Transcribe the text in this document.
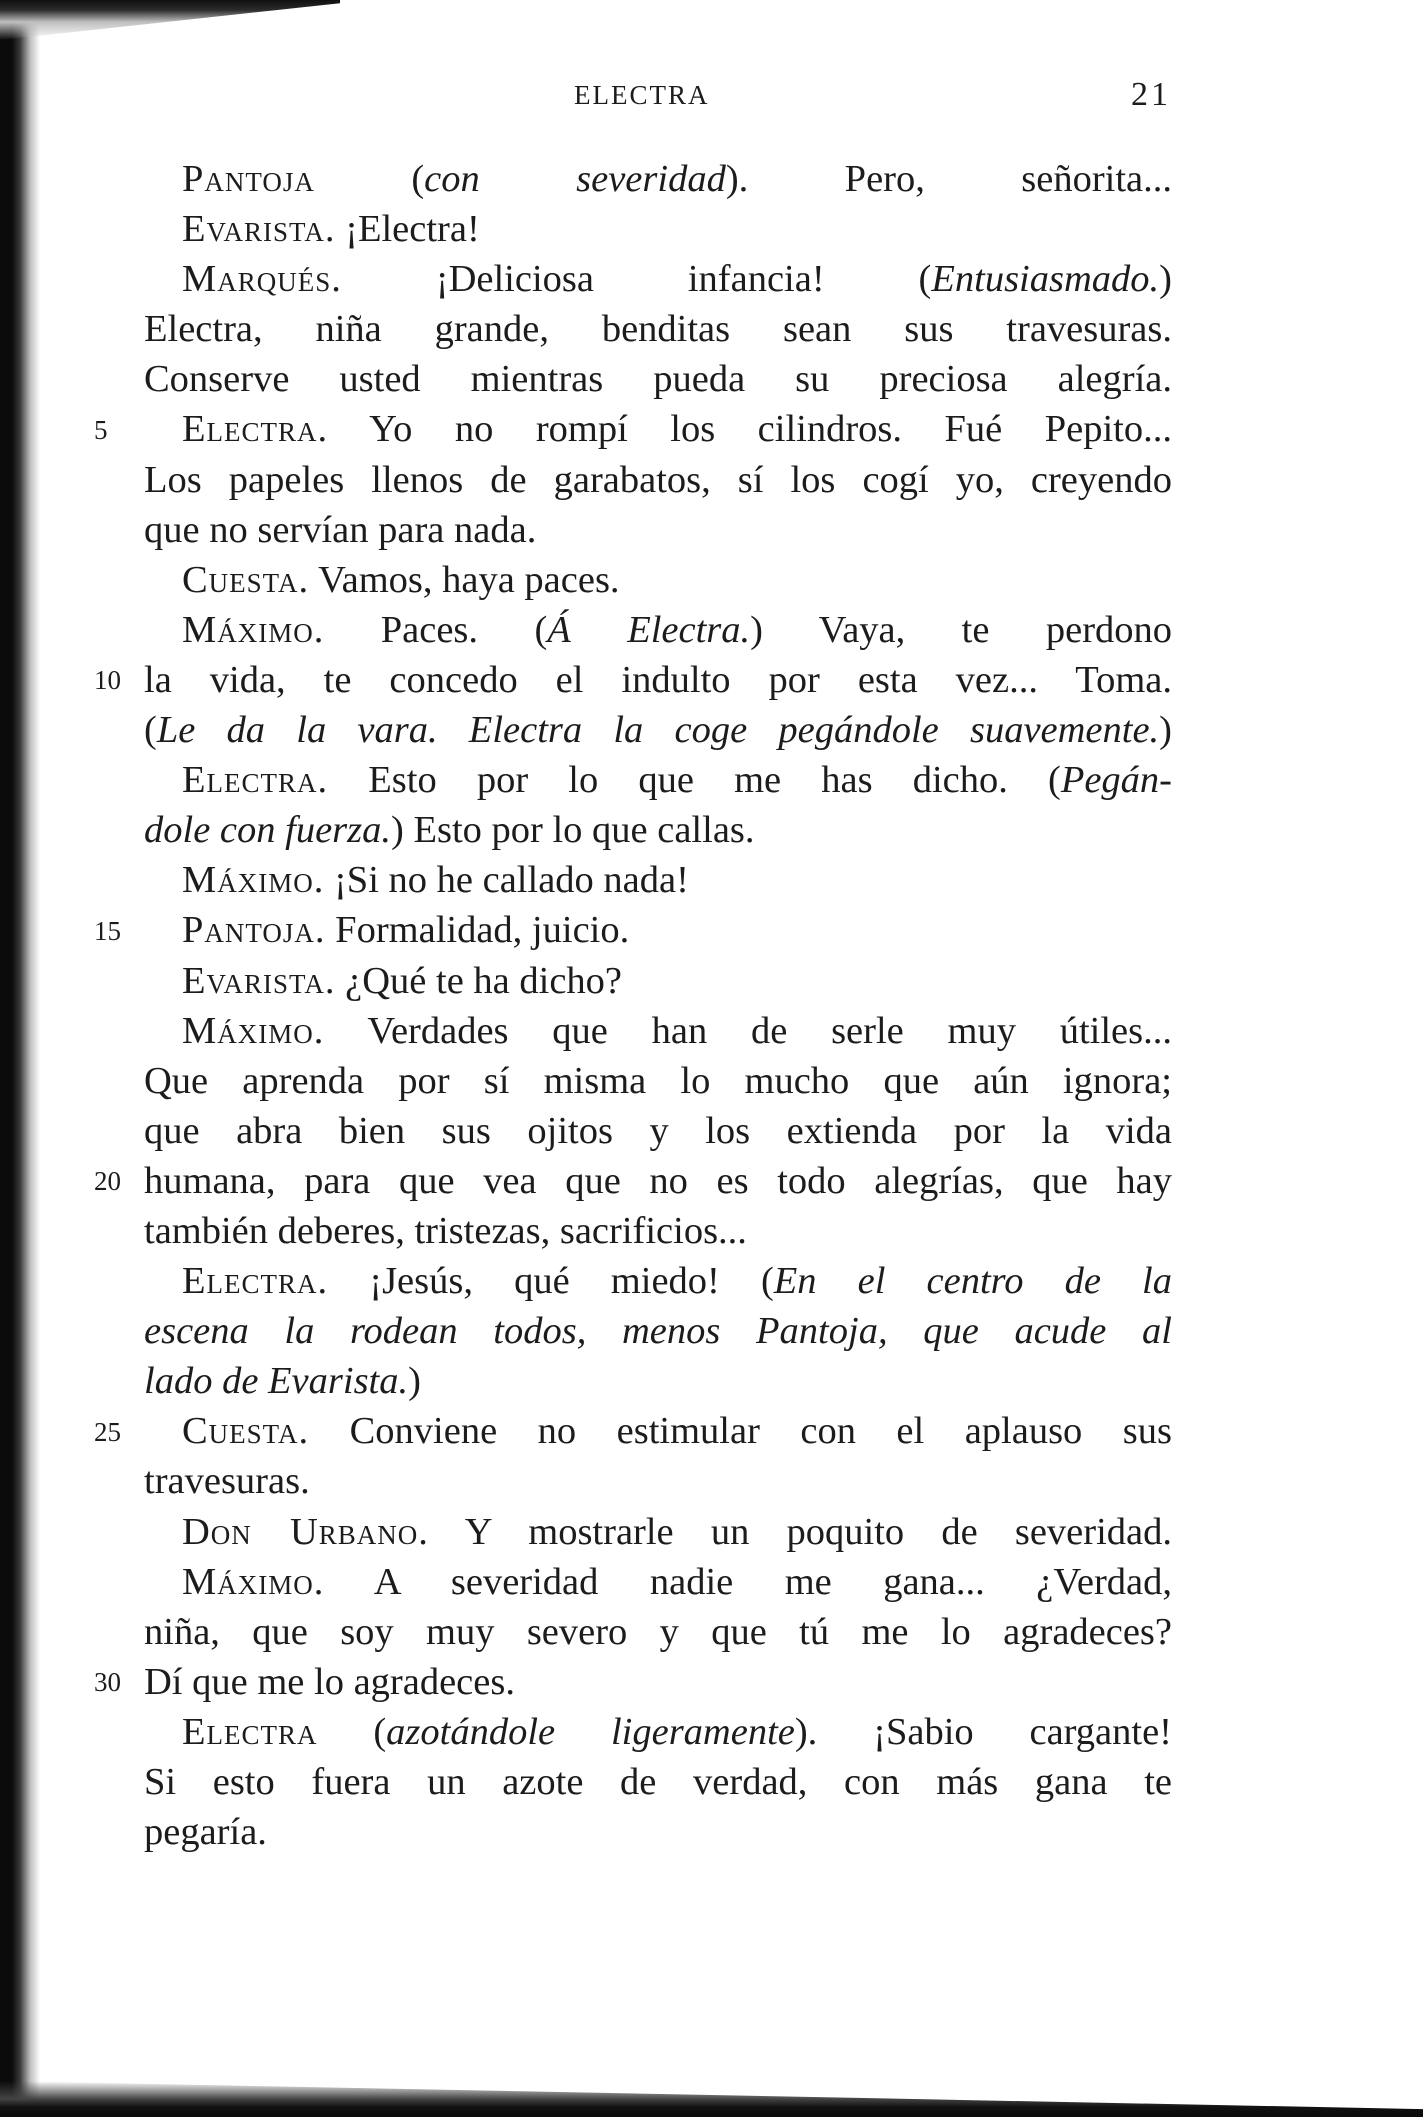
ELECTRA	21
5
10
15
20
25
30
Pantoja (con severidad). Pero, señorita...
Evarista. ¡Electra!
Marqués. ¡Deliciosa infancia! (Entusiasmado.)
Electra, niña grande, benditas sean sus travesuras.
Conserve usted mientras pueda su preciosa alegría.
Electra. Yo no rompí los cilindros. Fué Pepito...
Los papeles llenos de garabatos, sí los cogí yo, creyendo
que no servían para nada.
Cuesta. Vamos, haya paces.
Máximo. Paces. (Á Electra.) Vaya, te perdono
la vida, te concedo el indulto por esta vez... Toma.
(Le da la vara. Electra la coge pegándole suavemente.)
Electra. Esto por lo que me has dicho. (Pegán-
dole con fuerza.) Esto por lo que callas.
Máximo. ¡Si no he callado nada!
Pantoja. Formalidad, juicio.
Evarista. ¿Qué te ha dicho?
Máximo. Verdades que han de serle muy útiles...
Que aprenda por sí misma lo mucho que aún ignora;
que abra bien sus ojitos y los extienda por la vida
humana, para que vea que no es todo alegrías, que hay
también deberes, tristezas, sacrificios...
Electra. ¡Jesús, qué miedo! (En el centro de la
escena la rodean todos, menos Pantoja, que acude al
lado de Evarista.)
Cuesta. Conviene no estimular con el aplauso sus
travesuras.
Don Urbano. Y mostrarle un poquito de severidad.
Máximo. A severidad nadie me gana... ¿Verdad,
niña, que soy muy severo y que tú me lo agradeces?
Dí que me lo agradeces.
Electra (azotándole ligeramente). ¡Sabio cargante!
Si esto fuera un azote de verdad, con más gana te
pegaría.
